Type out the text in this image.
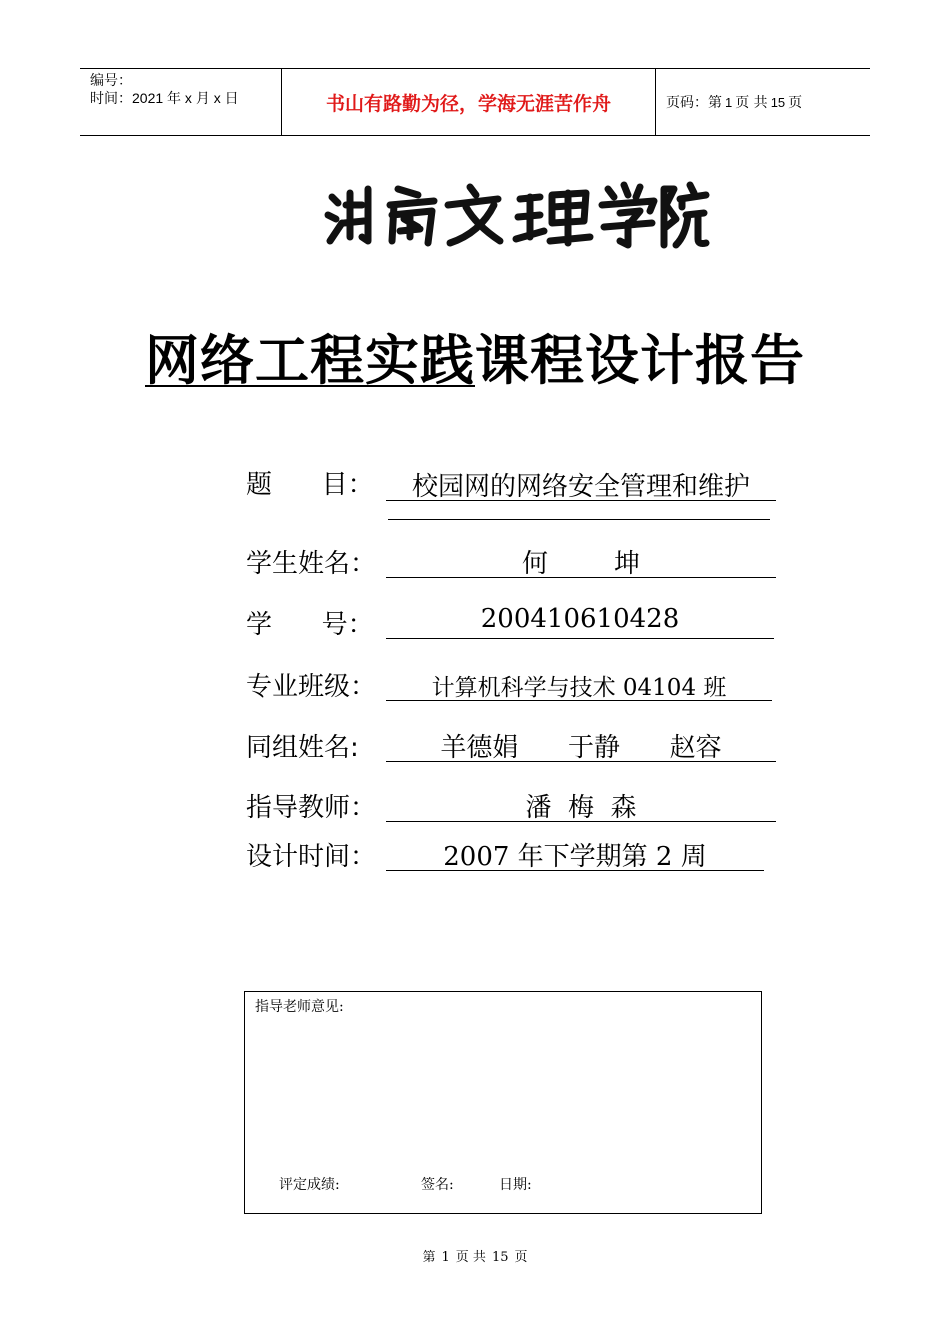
编号：
时间：2021 年 x 月 x 日	书山有路勤为径，学海无涯苦作舟	页码：第 1 页 共 15 页
网络工程实践课程设计报告
题      目：	校园网的网络安全管理和维护
学生姓名：	何        坤
学      号：	200410610428
专业班级：	计算机科学与技术 04104 班
同组姓名:	羊德娟      于静      赵容
指导教师：	潘  梅  森
设计时间：	2007 年下学期第 2 周
指导老师意见:
评定成绩:	签名:	日期:
第 1 页 共 15 页
